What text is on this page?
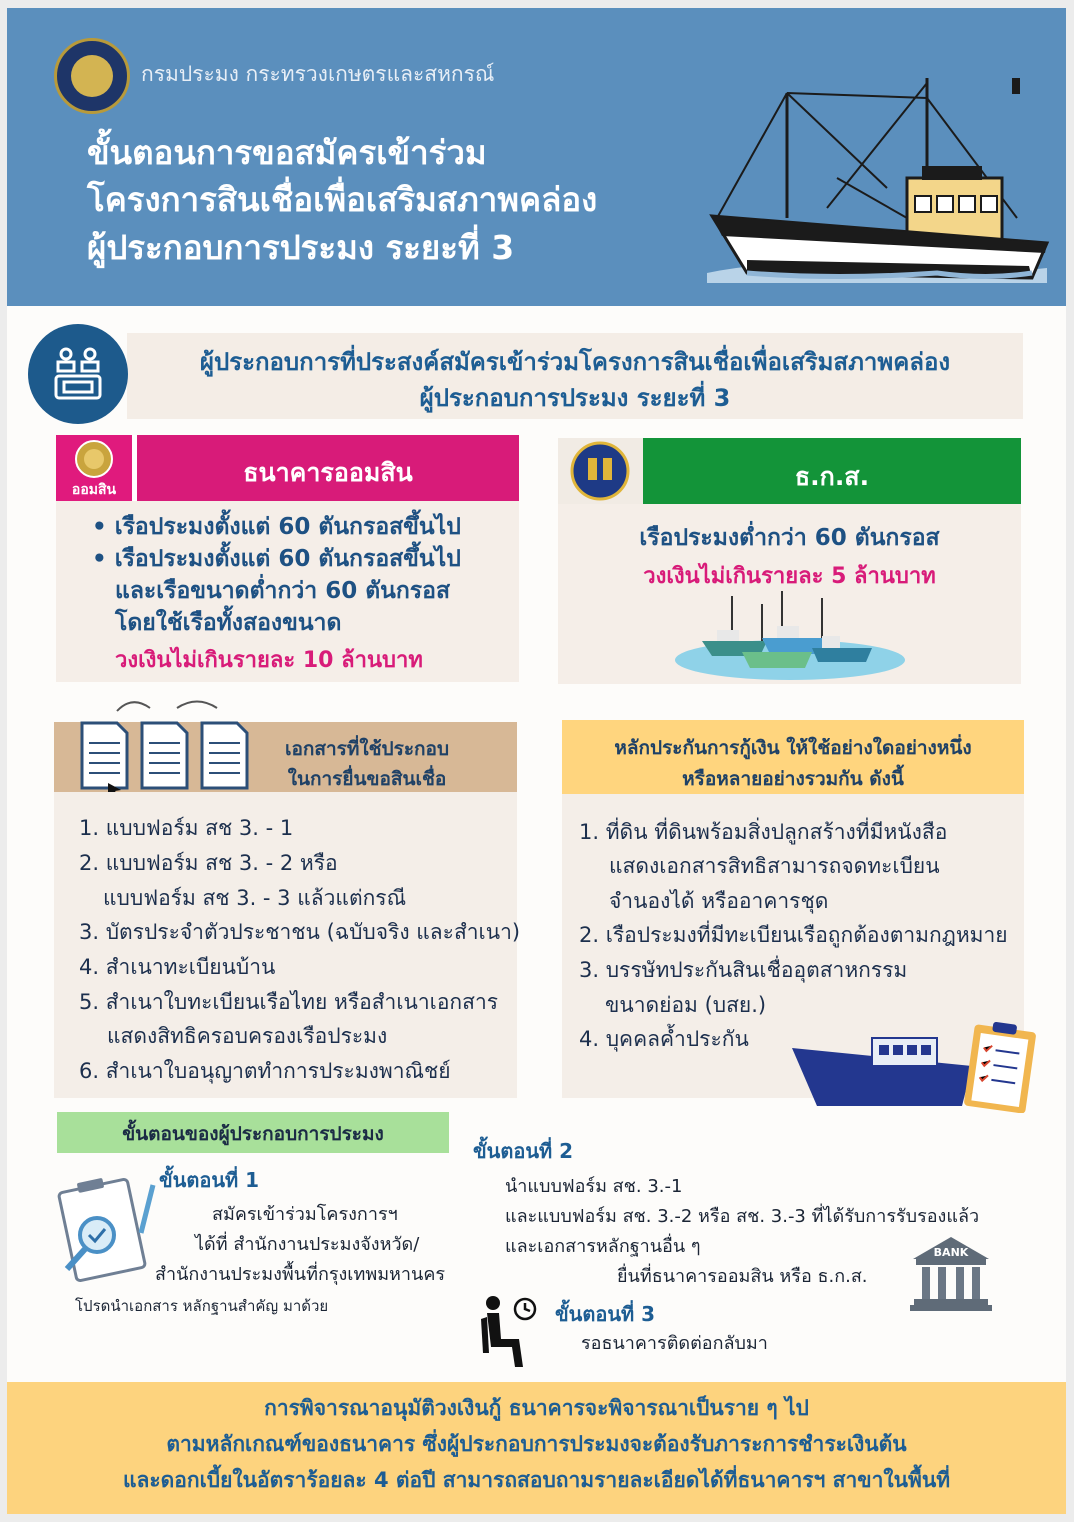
กรมประมง กระทรวงเกษตรและสหกรณ์
ขั้นตอนการขอสมัครเข้าร่วม
โครงการสินเชื่อเพื่อเสริมสภาพคล่อง
ผู้ประกอบการประมง ระยะที่ 3
ผู้ประกอบการที่ประสงค์สมัครเข้าร่วมโครงการสินเชื่อเพื่อเสริมสภาพคล่อง
ผู้ประกอบการประมง ระยะที่ 3
ออมสิน
ธนาคารออมสิน
• เรือประมงตั้งแต่ 60 ตันกรอสขึ้นไป
• เรือประมงตั้งแต่ 60 ตันกรอสขึ้นไป
และเรือขนาดต่ำกว่า 60 ตันกรอส
โดยใช้เรือทั้งสองขนาด
วงเงินไม่เกินรายละ 10 ล้านบาท
ธ.ก.ส.
เรือประมงต่ำกว่า 60 ตันกรอส
วงเงินไม่เกินรายละ 5 ล้านบาท
เอกสารที่ใช้ประกอบ
ในการยื่นขอสินเชื่อ
1. แบบฟอร์ม สช 3. - 1
2. แบบฟอร์ม สช 3. - 2 หรือ
แบบฟอร์ม สช 3. - 3 แล้วแต่กรณี
3. บัตรประจำตัวประชาชน (ฉบับจริง และสำเนา)
4. สำเนาทะเบียนบ้าน
5. สำเนาใบทะเบียนเรือไทย หรือสำเนาเอกสาร
แสดงสิทธิครอบครองเรือประมง
6. สำเนาใบอนุญาตทำการประมงพาณิชย์
หลักประกันการกู้เงิน ให้ใช้อย่างใดอย่างหนึ่ง
หรือหลายอย่างรวมกัน ดังนี้
1. ที่ดิน ที่ดินพร้อมสิ่งปลูกสร้างที่มีหนังสือ
แสดงเอกสารสิทธิสามารถจดทะเบียน
จำนองได้ หรืออาคารชุด
2. เรือประมงที่มีทะเบียนเรือถูกต้องตามกฎหมาย
3. บรรษัทประกันสินเชื่ออุตสาหกรรม
ขนาดย่อม (บสย.)
4. บุคคลค้ำประกัน
ขั้นตอนของผู้ประกอบการประมง
ขั้นตอนที่ 1
สมัครเข้าร่วมโครงการฯ
ได้ที่ สำนักงานประมงจังหวัด/
สำนักงานประมงพื้นที่กรุงเทพมหานคร
โปรดนำเอกสาร หลักฐานสำคัญ มาด้วย
ขั้นตอนที่ 2
นำแบบฟอร์ม สช. 3.-1
และแบบฟอร์ม สช. 3.-2 หรือ สช. 3.-3 ที่ได้รับการรับรองแล้ว
และเอกสารหลักฐานอื่น ๆ
ยื่นที่ธนาคารออมสิน หรือ ธ.ก.ส.
BANK
ขั้นตอนที่ 3
รอธนาคารติดต่อกลับมา
การพิจารณาอนุมัติวงเงินกู้ ธนาคารจะพิจารณาเป็นราย ๆ ไป
ตามหลักเกณฑ์ของธนาคาร ซึ่งผู้ประกอบการประมงจะต้องรับภาระการชำระเงินต้น
และดอกเบี้ยในอัตราร้อยละ 4 ต่อปี สามารถสอบถามรายละเอียดได้ที่ธนาคารฯ สาขาในพื้นที่
